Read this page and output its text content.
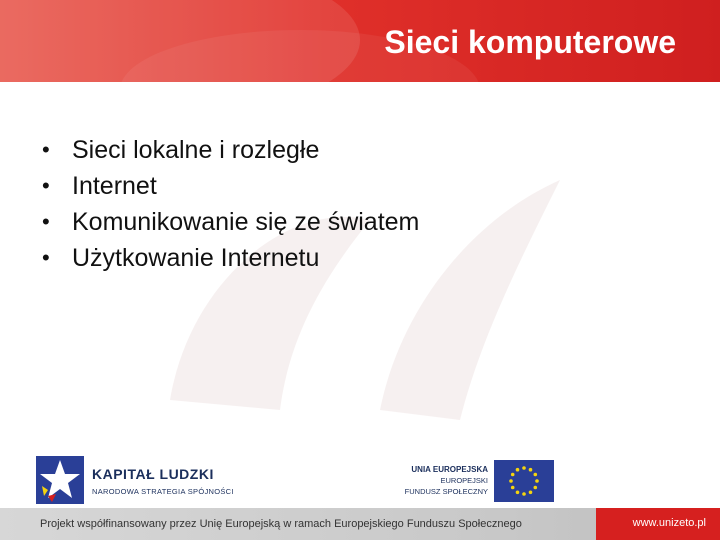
Sieci komputerowe
• Sieci lokalne i rozległe
• Internet
• Komunikowanie się ze światem
• Użytkowanie Internetu
KAPITAŁ LUDZKI
NARODOWA STRATEGIA SPÓJNOŚCI
UNIA EUROPEJSKA
EUROPEJSKI
FUNDUSZ SPOŁECZNY
Projekt współfinansowany przez Unię Europejską w ramach Europejskiego Funduszu Społecznego	www.unizeto.pl
